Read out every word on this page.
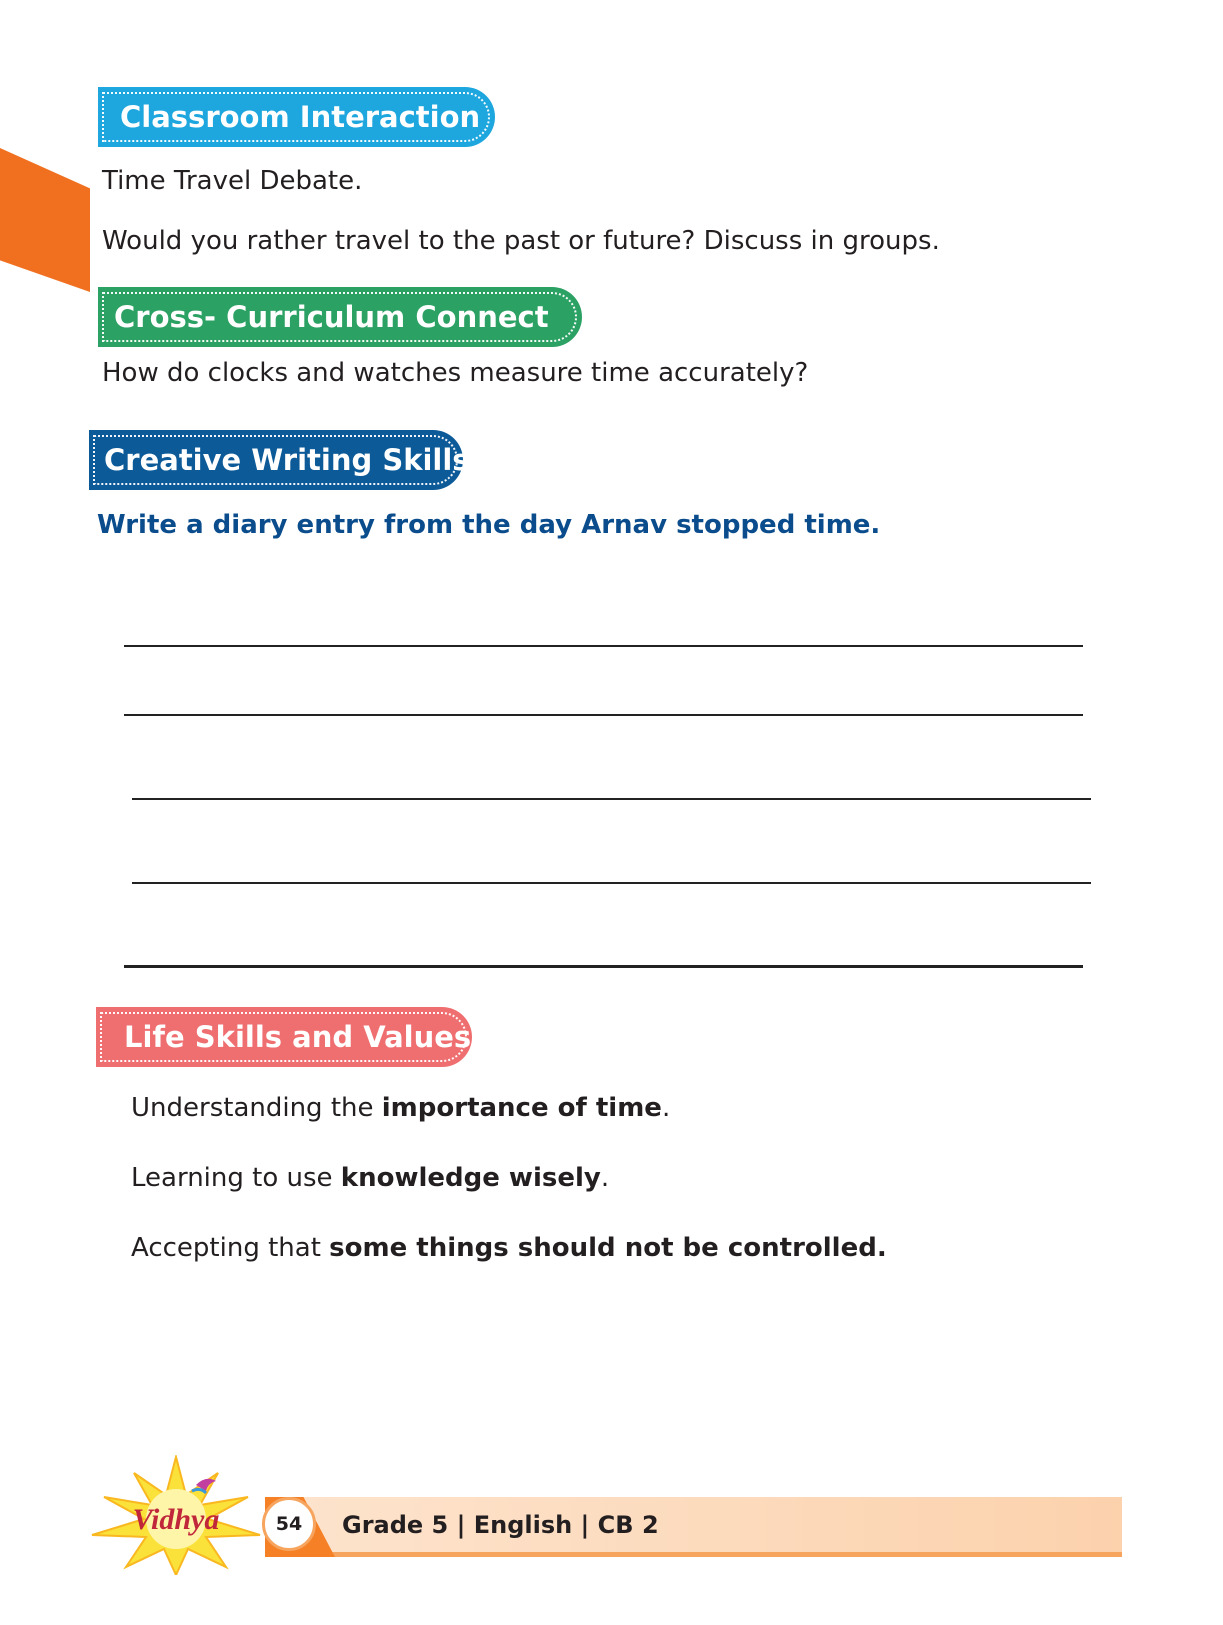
Classroom Interaction
Time Travel Debate.
Would you rather travel to the past or future? Discuss in groups.
Cross- Curriculum Connect
How do clocks and watches measure time accurately?
Creative Writing Skills
Write a diary entry from the day Arnav stopped time.
Life Skills and Values
Understanding the importance of time.
Learning to use knowledge wisely.
Accepting that some things should not be controlled.
Vidhya	54	Grade 5 | English | CB 2
